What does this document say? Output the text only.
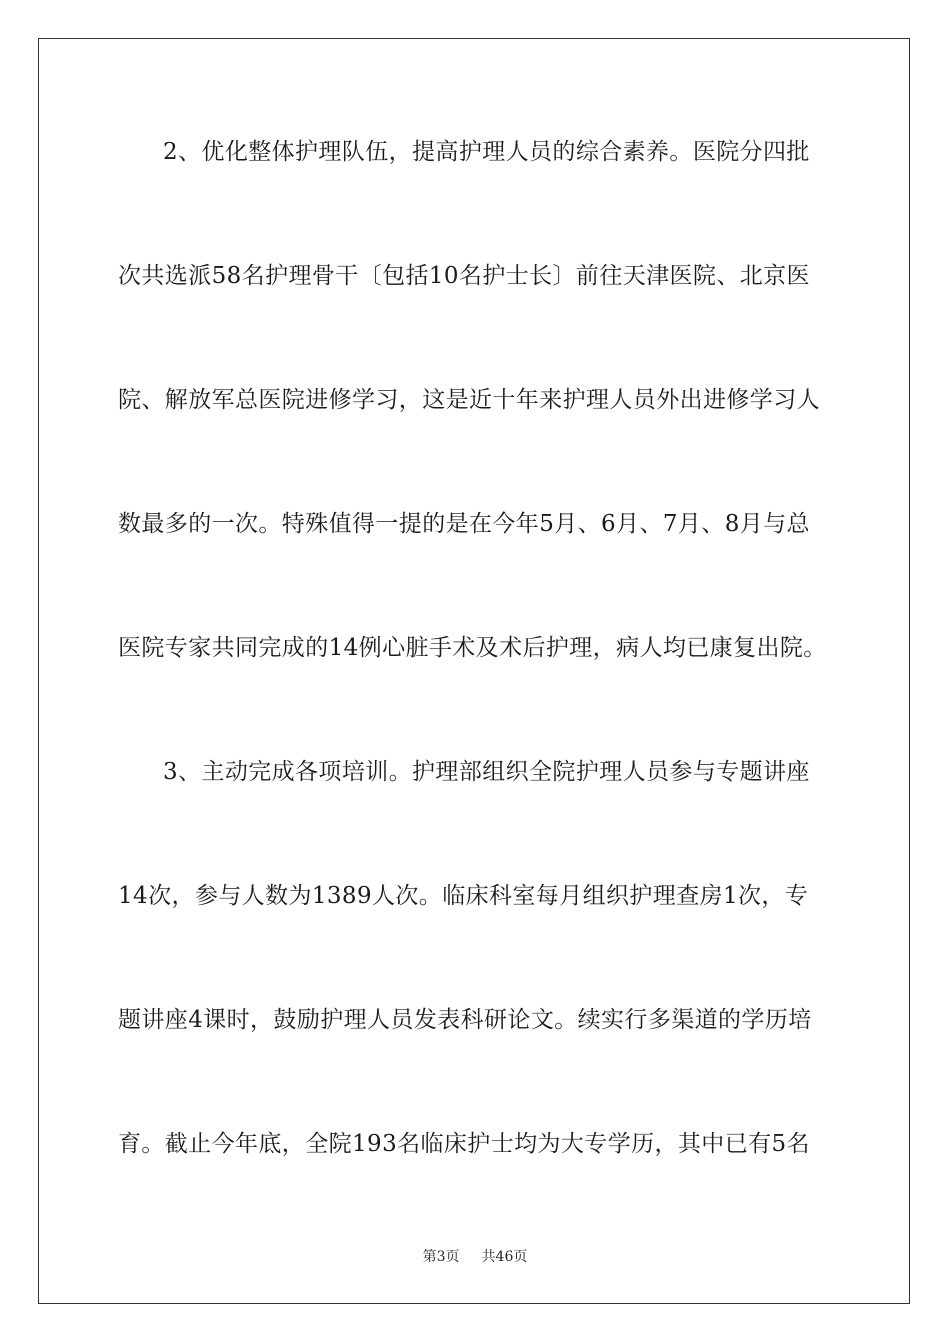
2、优化整体护理队伍，提高护理人员的综合素养。医院分四批
次共选派58名护理骨干〔包括10名护士长〕前往天津医院、北京医
院、解放军总医院进修学习，这是近十年来护理人员外出进修学习人
数最多的一次。特殊值得一提的是在今年5月、6月、7月、8月与总
医院专家共同完成的14例心脏手术及术后护理，病人均已康复出院。
3、主动完成各项培训。护理部组织全院护理人员参与专题讲座
14次，参与人数为1389人次。临床科室每月组织护理查房1次，专
题讲座4课时，鼓励护理人员发表科研论文。续实行多渠道的学历培
育。截止今年底，全院193名临床护士均为大专学历，其中已有5名
第3页 共46页
